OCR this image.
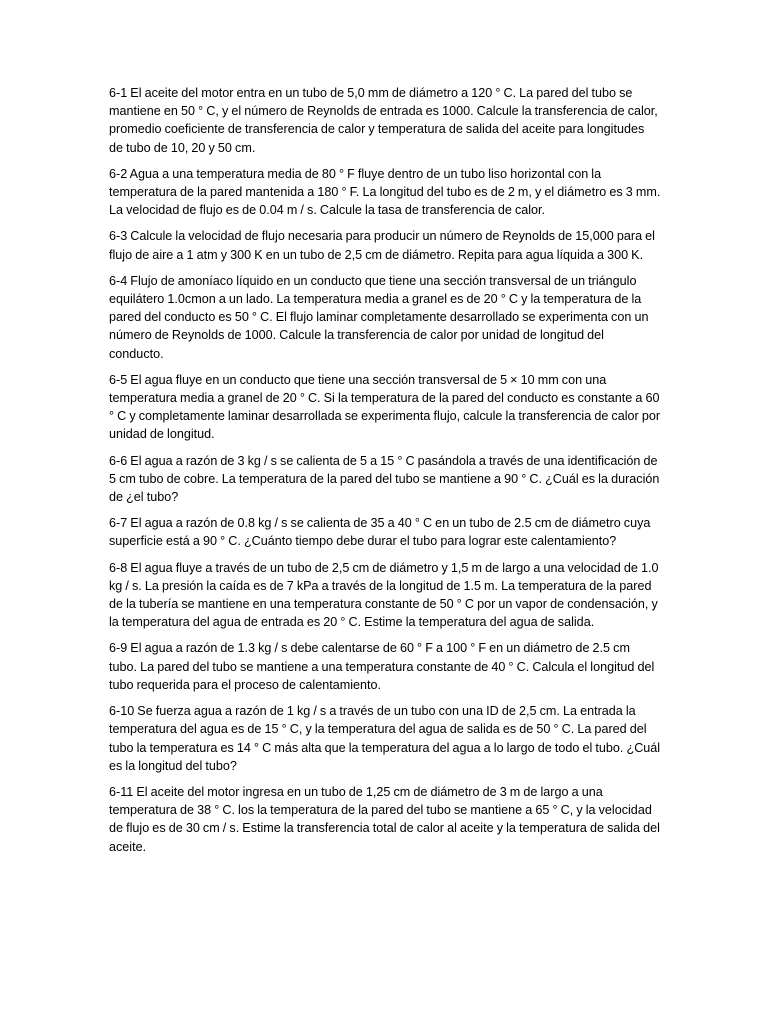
6-1 El aceite del motor entra en un tubo de 5,0 mm de diámetro a 120 ° C. La pared del tubo se mantiene en 50 ° C, y el número de Reynolds de entrada es 1000. Calcule la transferencia de calor, promedio coeficiente de transferencia de calor y temperatura de salida del aceite para longitudes de tubo de 10, 20 y 50 cm.

6-2 Agua a una temperatura media de 80 ° F fluye dentro de un tubo liso horizontal con la temperatura de la pared mantenida a 180 ° F. La longitud del tubo es de 2 m, y el diámetro es 3 mm. La velocidad de flujo es de 0.04 m / s. Calcule la tasa de transferencia de calor.

6-3 Calcule la velocidad de flujo necesaria para producir un número de Reynolds de 15,000 para el flujo de aire a 1 atm y 300 K en un tubo de 2,5 cm de diámetro. Repita para agua líquida a 300 K.

6-4 Flujo de amoníaco líquido en un conducto que tiene una sección transversal de un triángulo equilátero 1.0cmon a un lado. La temperatura media a granel es de 20 ° C y la temperatura de la pared del conducto es 50 ° C. El flujo laminar completamente desarrollado se experimenta con un número de Reynolds de 1000. Calcule la transferencia de calor por unidad de longitud del conducto.

6-5 El agua fluye en un conducto que tiene una sección transversal de 5 × 10 mm con una temperatura media a granel de 20 ° C. Si la temperatura de la pared del conducto es constante a 60 ° C y completamente laminar desarrollada se experimenta flujo, calcule la transferencia de calor por unidad de longitud.

6-6 El agua a razón de 3 kg / s se calienta de 5 a 15 ° C pasándola a través de una identificación de 5 cm tubo de cobre. La temperatura de la pared del tubo se mantiene a 90 ° C. ¿Cuál es la duración de ¿el tubo?

6-7 El agua a razón de 0.8 kg / s se calienta de 35 a 40 ° C en un tubo de 2.5 cm de diámetro cuya superficie está a 90 ° C. ¿Cuánto tiempo debe durar el tubo para lograr este calentamiento?

6-8 El agua fluye a través de un tubo de 2,5 cm de diámetro y 1,5 m de largo a una velocidad de 1.0 kg / s. La presión la caída es de 7 kPa a través de la longitud de 1.5 m. La temperatura de la pared de la tubería se mantiene en una temperatura constante de 50 ° C por un vapor de condensación, y la temperatura del agua de entrada es 20 ° C. Estime la temperatura del agua de salida.

6-9 El agua a razón de 1.3 kg / s debe calentarse de 60 ° F a 100 ° F en un diámetro de 2.5 cm tubo. La pared del tubo se mantiene a una temperatura constante de 40 ° C. Calcula el longitud del tubo requerida para el proceso de calentamiento.

6-10 Se fuerza agua a razón de 1 kg / s a través de un tubo con una ID de 2,5 cm. La entrada la temperatura del agua es de 15 ° C, y la temperatura del agua de salida es de 50 ° C. La pared del tubo la temperatura es 14 ° C más alta que la temperatura del agua a lo largo de todo el tubo. ¿Cuál es la longitud del tubo?

6-11 El aceite del motor ingresa en un tubo de 1,25 cm de diámetro de 3 m de largo a una temperatura de 38 ° C. los la temperatura de la pared del tubo se mantiene a 65 ° C, y la velocidad de flujo es de 30 cm / s. Estime la transferencia total de calor al aceite y la temperatura de salida del aceite.
